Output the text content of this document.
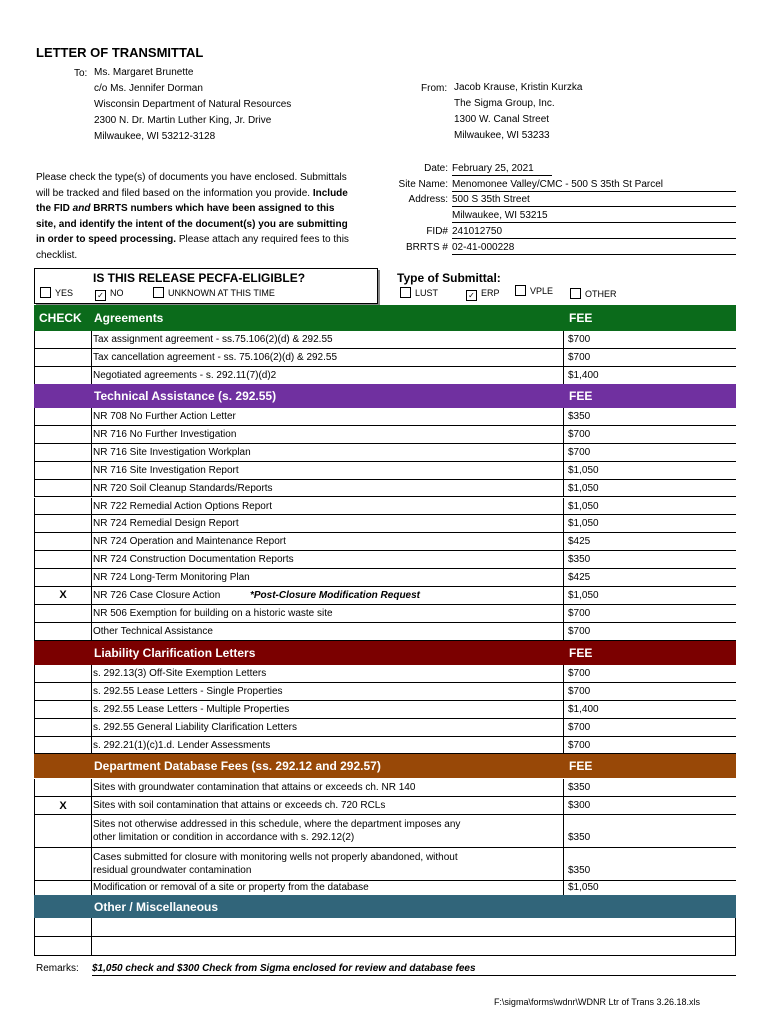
LETTER OF TRANSMITTAL
To: Ms. Margaret Brunette
c/o Ms. Jennifer Dorman
Wisconsin Department of Natural Resources
2300 N. Dr. Martin Luther King, Jr. Drive
Milwaukee, WI 53212-3128
From: Jacob Krause, Kristin Kurzka
The Sigma Group, Inc.
1300 W. Canal Street
Milwaukee, WI 53233
Please check the type(s) of documents you have enclosed. Submittals
will be tracked and filed based on the information you provide. Include
the FID and BRRTS numbers which have been assigned to this
site, and identify the intent of the document(s) you are submitting
in order to speed processing. Please attach any required fees to this
checklist.
Date: February 25, 2021
Site Name: Menomonee Valley/CMC - 500 S 35th St Parcel
Address: 500 S 35th Street
Milwaukee, WI 53215
FID# 241012750
BRRTS # 02-41-000228
IS THIS RELEASE PECFA-ELIGIBLE?
YES	✓ NO	UNKNOWN AT THIS TIME
Type of Submittal:
LUST	✓ ERP	VPLE	OTHER
CHECK Agreements	FEE
Tax assignment agreement - ss.75.106(2)(d) & 292.55	$700
Tax cancellation agreement - ss. 75.106(2)(d) & 292.55	$700
Negotiated agreements - s. 292.11(7)(d)2	$1,400
Technical Assistance (s. 292.55)	FEE
NR 708 No Further Action Letter	$350
NR 716 No Further Investigation	$700
NR 716 Site Investigation Workplan	$700
NR 716 Site Investigation Report	$1,050
NR 720 Soil Cleanup Standards/Reports	$1,050
NR 722 Remedial Action Options Report	$1,050
NR 724 Remedial Design Report	$1,050
NR 724 Operation and Maintenance Report	$425
NR 724 Construction Documentation Reports	$350
NR 724 Long-Term Monitoring Plan	$425
X	NR 726 Case Closure Action	*Post-Closure Modification Request	$1,050
NR 506 Exemption for building on a historic waste site	$700
Other Technical Assistance	$700
Liability Clarification Letters	FEE
s. 292.13(3) Off-Site Exemption Letters	$700
s. 292.55 Lease Letters - Single Properties	$700
s. 292.55 Lease Letters - Multiple Properties	$1,400
s. 292.55 General Liability Clarification Letters	$700
s. 292.21(1)(c)1.d. Lender Assessments	$700
Department Database Fees (ss. 292.12 and 292.57)	FEE
Sites with groundwater contamination that attains or exceeds ch. NR 140	$350
X	Sites with soil contamination that attains or exceeds ch. 720 RCLs	$300
Sites not otherwise addressed in this schedule, where the department imposes any
other limitation or condition in accordance with s. 292.12(2)	$350
Cases submitted for closure with monitoring wells not properly abandoned, without
residual groundwater contamination	$350
Modification or removal of a site or property from the database	$1,050
Other / Miscellaneous
Remarks: $1,050 check and $300 Check from Sigma enclosed for review and database fees
F:\sigma\forms\wdnr\WDNR Ltr of Trans 3.26.18.xls
